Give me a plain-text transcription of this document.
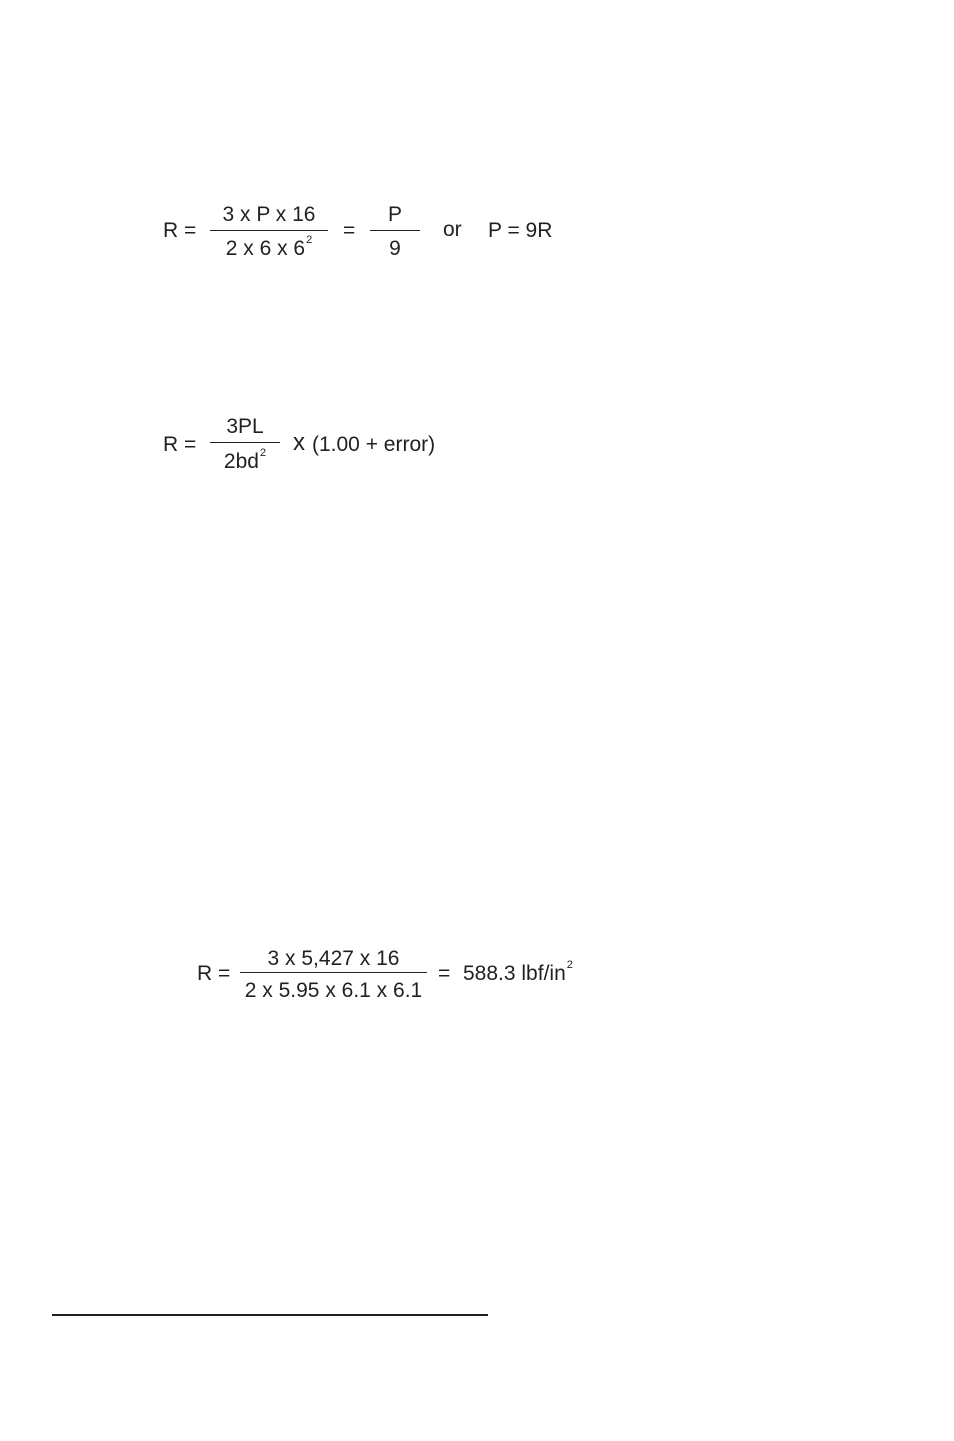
R =
3 x P x 16
2 x 6 x $6^2$	=
P
9
or P = 9R
R =
3PL
$2bd^2$	x (1.00 + error)
R =
3 x 5,427 x 16
2 x 5.95 x 6.1 x 6.1
= 588.3 lbf/$in^2$
